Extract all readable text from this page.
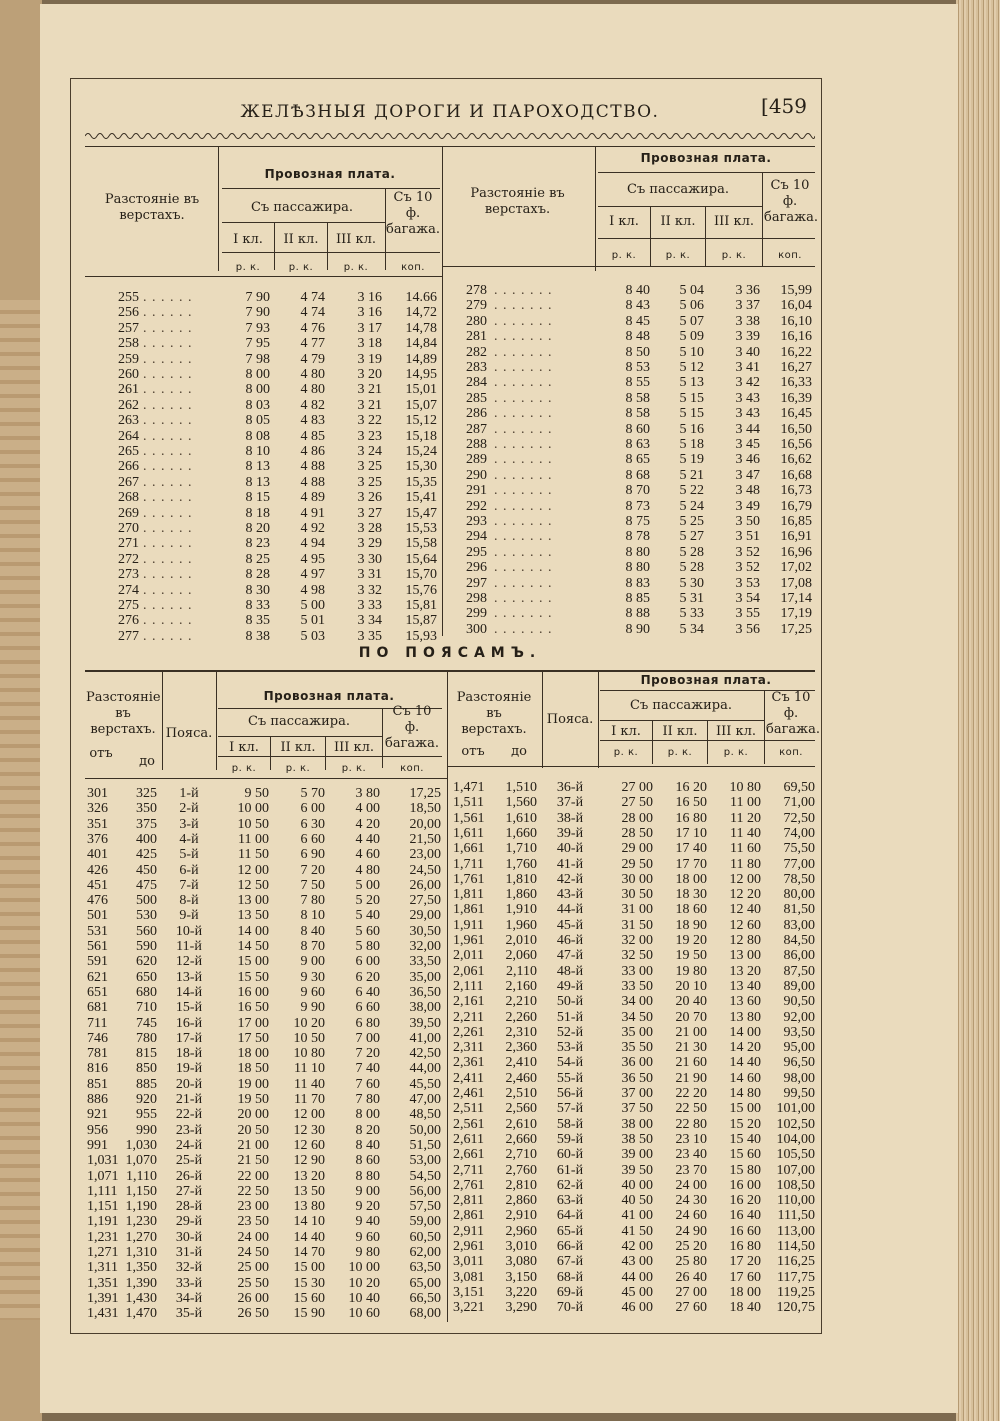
ЖЕЛѢЗНЫЯ ДОРОГИ И ПАРОХОДСТВО.	[459
Разстояніе въ верстахъ.
Провозная плата.
Съ пассажира.
Съ 10 ф. багажа.
I кл.	II кл.	III кл.
р. к.	р. к.	р. к.	коп.
Разстояніе въ верстахъ.
Провозная плата.
Съ пассажира.	Съ 10 ф. багажа.
I кл.	II кл.	III кл.
р. к.	р. к.	р. к.	коп.
255 . . . . . .	7 90	4 74	3 16	14.66
256 . . . . . .	7 90	4 74	3 16	14,72
257 . . . . . .	7 93	4 76	3 17	14,78
258 . . . . . .	7 95	4 77	3 18	14,84
259 . . . . . .	7 98	4 79	3 19	14,89
260 . . . . . .	8 00	4 80	3 20	14,95
261 . . . . . .	8 00	4 80	3 21	15,01
262 . . . . . .	8 03	4 82	3 21	15,07
263 . . . . . .	8 05	4 83	3 22	15,12
264 . . . . . .	8 08	4 85	3 23	15,18
265 . . . . . .	8 10	4 86	3 24	15,24
266 . . . . . .	8 13	4 88	3 25	15,30
267 . . . . . .	8 13	4 88	3 25	15,35
268 . . . . . .	8 15	4 89	3 26	15,41
269 . . . . . .	8 18	4 91	3 27	15,47
270 . . . . . .	8 20	4 92	3 28	15,53
271 . . . . . .	8 23	4 94	3 29	15,58
272 . . . . . .	8 25	4 95	3 30	15,64
273 . . . . . .	8 28	4 97	3 31	15,70
274 . . . . . .	8 30	4 98	3 32	15,76
275 . . . . . .	8 33	5 00	3 33	15,81
276 . . . . . .	8 35	5 01	3 34	15,87
277 . . . . . .	8 38	5 03	3 35	15,93
278 . . . . . . .	8 40	5 04	3 36	15,99
279 . . . . . . .	8 43	5 06	3 37	16,04
280 . . . . . . .	8 45	5 07	3 38	16,10
281 . . . . . . .	8 48	5 09	3 39	16,16
282 . . . . . . .	8 50	5 10	3 40	16,22
283 . . . . . . .	8 53	5 12	3 41	16,27
284 . . . . . . .	8 55	5 13	3 42	16,33
285 . . . . . . .	8 58	5 15	3 43	16,39
286 . . . . . . .	8 58	5 15	3 43	16,45
287 . . . . . . .	8 60	5 16	3 44	16,50
288 . . . . . . .	8 63	5 18	3 45	16,56
289 . . . . . . .	8 65	5 19	3 46	16,62
290 . . . . . . .	8 68	5 21	3 47	16,68
291 . . . . . . .	8 70	5 22	3 48	16,73
292 . . . . . . .	8 73	5 24	3 49	16,79
293 . . . . . . .	8 75	5 25	3 50	16,85
294 . . . . . . .	8 78	5 27	3 51	16,91
295 . . . . . . .	8 80	5 28	3 52	16,96
296 . . . . . . .	8 80	5 28	3 52	17,02
297 . . . . . . .	8 83	5 30	3 53	17,08
298 . . . . . . .	8 85	5 31	3 54	17,14
299 . . . . . . .	8 88	5 33	3 55	17,19
300 . . . . . . .	8 90	5 34	3 56	17,25
ПО ПОЯСАМЪ.
Разстояніе въ верстахъ.
отъ
до
Пояса.
Провозная плата.
Съ пассажира.
Съ 10 ф. багажа.
I кл.	II кл.	III кл.
р. к.	р. к.	р. к.	коп.
Разстояніе въ верстахъ.
отъ	до
Пояса.
Провозная плата.
Съ пассажира.
Съ 10 ф. багажа.
I кл.	II кл.	III кл.
р. к.	р. к.	р. к.	коп.
301	325	1-й	9 50	5 70	3 80	17,25
326	350	2-й	10 00	6 00	4 00	18,50
351	375	3-й	10 50	6 30	4 20	20,00
376	400	4-й	11 00	6 60	4 40	21,50
401	425	5-й	11 50	6 90	4 60	23,00
426	450	6-й	12 00	7 20	4 80	24,50
451	475	7-й	12 50	7 50	5 00	26,00
476	500	8-й	13 00	7 80	5 20	27,50
501	530	9-й	13 50	8 10	5 40	29,00
531	560	10-й	14 00	8 40	5 60	30,50
561	590	11-й	14 50	8 70	5 80	32,00
591	620	12-й	15 00	9 00	6 00	33,50
621	650	13-й	15 50	9 30	6 20	35,00
651	680	14-й	16 00	9 60	6 40	36,50
681	710	15-й	16 50	9 90	6 60	38,00
711	745	16-й	17 00	10 20	6 80	39,50
746	780	17-й	17 50	10 50	7 00	41,00
781	815	18-й	18 00	10 80	7 20	42,50
816	850	19-й	18 50	11 10	7 40	44,00
851	885	20-й	19 00	11 40	7 60	45,50
886	920	21-й	19 50	11 70	7 80	47,00
921	955	22-й	20 00	12 00	8 00	48,50
956	990	23-й	20 50	12 30	8 20	50,00
991	1,030	24-й	21 00	12 60	8 40	51,50
1,031 1,070	25-й	21 50	12 90	8 60	53,00
1,071 1,110	26-й	22 00	13 20	8 80	54,50
1,111 1,150	27-й	22 50	13 50	9 00	56,00
1,151 1,190	28-й	23 00	13 80	9 20	57,50
1,191 1,230	29-й	23 50	14 10	9 40	59,00
1,231 1,270	30-й	24 00	14 40	9 60	60,50
1,271 1,310	31-й	24 50	14 70	9 80	62,00
1,311 1,350	32-й	25 00	15 00	10 00	63,50
1,351 1,390	33-й	25 50	15 30	10 20	65,00
1,391 1,430	34-й	26 00	15 60	10 40	66,50
1,431 1,470	35-й	26 50	15 90	10 60	68,00
1,471	1,510	36-й	27 00	16 20	10 80	69,50
1,511	1,560	37-й	27 50	16 50	11 00	71,00
1,561	1,610	38-й	28 00	16 80	11 20	72,50
1,611	1,660	39-й	28 50	17 10	11 40	74,00
1,661	1,710	40-й	29 00	17 40	11 60	75,50
1,711	1,760	41-й	29 50	17 70	11 80	77,00
1,761	1,810	42-й	30 00	18 00	12 00	78,50
1,811	1,860	43-й	30 50	18 30	12 20	80,00
1,861	1,910	44-й	31 00	18 60	12 40	81,50
1,911	1,960	45-й	31 50	18 90	12 60	83,00
1,961	2,010	46-й	32 00	19 20	12 80	84,50
2,011	2,060	47-й	32 50	19 50	13 00	86,00
2,061	2,110	48-й	33 00	19 80	13 20	87,50
2,111	2,160	49-й	33 50	20 10	13 40	89,00
2,161	2,210	50-й	34 00	20 40	13 60	90,50
2,211	2,260	51-й	34 50	20 70	13 80	92,00
2,261	2,310	52-й	35 00	21 00	14 00	93,50
2,311	2,360	53-й	35 50	21 30	14 20	95,00
2,361	2,410	54-й	36 00	21 60	14 40	96,50
2,411	2,460	55-й	36 50	21 90	14 60	98,00
2,461	2,510	56-й	37 00	22 20	14 80	99,50
2,511	2,560	57-й	37 50	22 50	15 00	101,00
2,561	2,610	58-й	38 00	22 80	15 20	102,50
2,611	2,660	59-й	38 50	23 10	15 40	104,00
2,661	2,710	60-й	39 00	23 40	15 60	105,50
2,711	2,760	61-й	39 50	23 70	15 80	107,00
2,761	2,810	62-й	40 00	24 00	16 00	108,50
2,811	2,860	63-й	40 50	24 30	16 20	110,00
2,861	2,910	64-й	41 00	24 60	16 40	111,50
2,911	2,960	65-й	41 50	24 90	16 60	113,00
2,961	3,010	66-й	42 00	25 20	16 80	114,50
3,011	3,080	67-й	43 00	25 80	17 20	116,25
3,081	3,150	68-й	44 00	26 40	17 60	117,75
3,151	3,220	69-й	45 00	27 00	18 00	119,25
3,221	3,290	70-й	46 00	27 60	18 40	120,75
